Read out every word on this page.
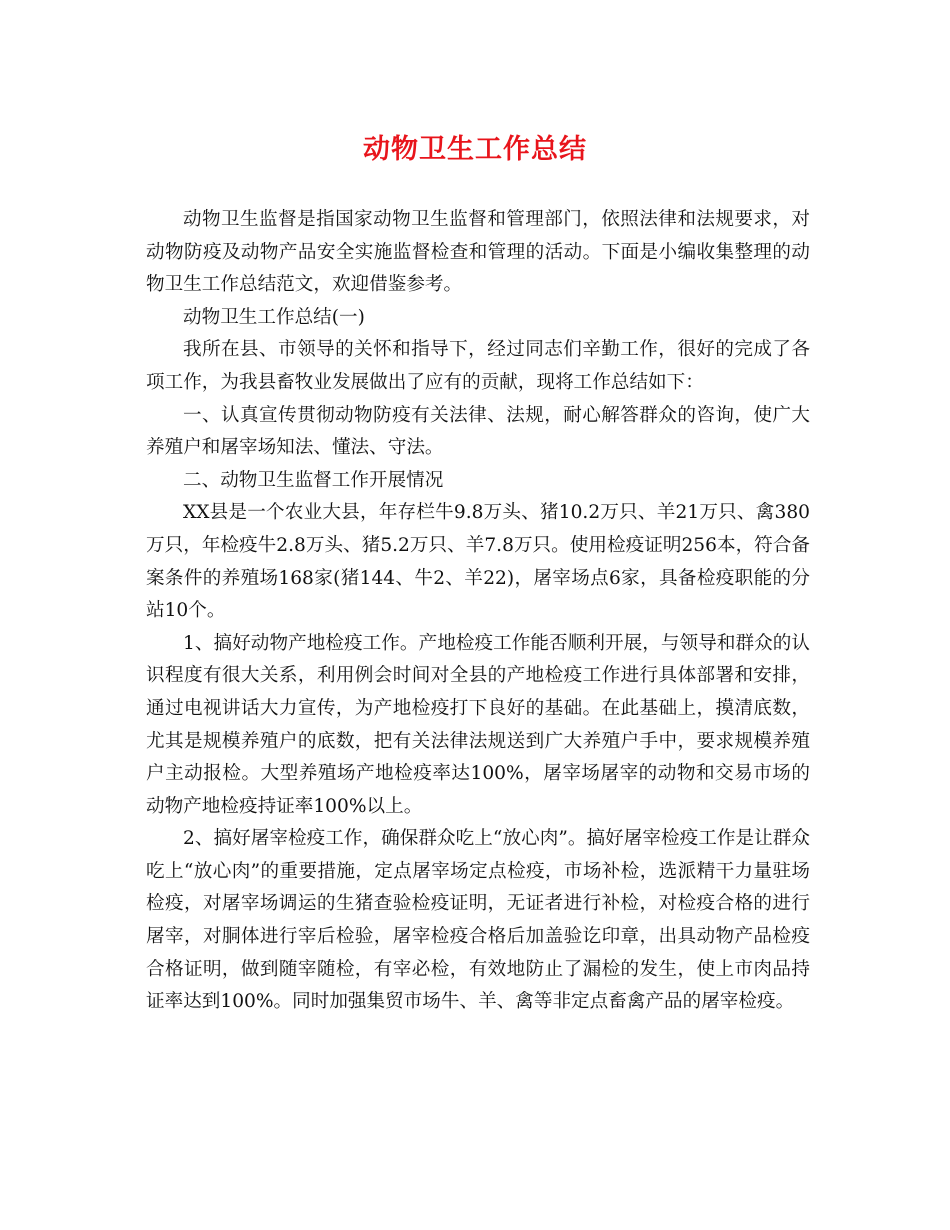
动物卫生工作总结

动物卫生监督是指国家动物卫生监督和管理部门，依照法律和法规要求，对动物防疫及动物产品安全实施监督检查和管理的活动。下面是小编收集整理的动物卫生工作总结范文，欢迎借鉴参考。

动物卫生工作总结(一)

我所在县、市领导的关怀和指导下，经过同志们辛勤工作，很好的完成了各项工作，为我县畜牧业发展做出了应有的贡献，现将工作总结如下：

一、认真宣传贯彻动物防疫有关法律、法规，耐心解答群众的咨询，使广大养殖户和屠宰场知法、懂法、守法。

二、动物卫生监督工作开展情况

XX县是一个农业大县，年存栏牛9.8万头、猪10.2万只、羊21万只、禽380万只，年检疫牛2.8万头、猪5.2万只、羊7.8万只。使用检疫证明256本，符合备案条件的养殖场168家(猪144、牛2、羊22)，屠宰场点6家，具备检疫职能的分站10个。

1、搞好动物产地检疫工作。产地检疫工作能否顺利开展，与领导和群众的认识程度有很大关系，利用例会时间对全县的产地检疫工作进行具体部署和安排，通过电视讲话大力宣传，为产地检疫打下良好的基础。在此基础上，摸清底数，尤其是规模养殖户的底数，把有关法律法规送到广大养殖户手中，要求规模养殖户主动报检。大型养殖场产地检疫率达100%，屠宰场屠宰的动物和交易市场的动物产地检疫持证率100%以上。

2、搞好屠宰检疫工作，确保群众吃上“放心肉”。搞好屠宰检疫工作是让群众吃上“放心肉”的重要措施，定点屠宰场定点检疫，市场补检，选派精干力量驻场检疫，对屠宰场调运的生猪查验检疫证明，无证者进行补检，对检疫合格的进行屠宰，对胴体进行宰后检验，屠宰检疫合格后加盖验讫印章，出具动物产品检疫合格证明，做到随宰随检，有宰必检，有效地防止了漏检的发生，使上市肉品持证率达到100%。同时加强集贸市场牛、羊、禽等非定点畜禽产品的屠宰检疫。
